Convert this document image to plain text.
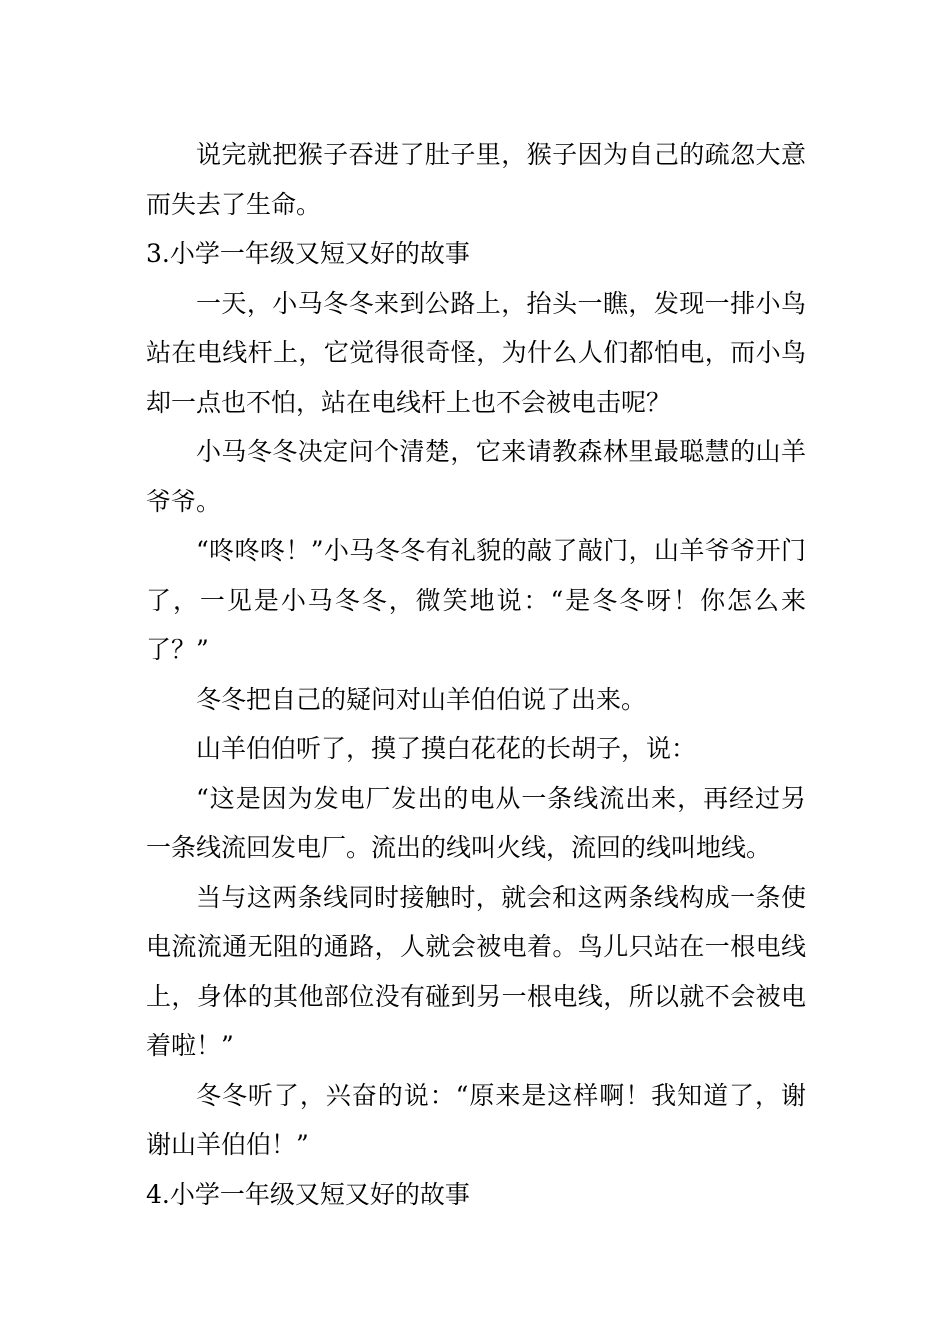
说完就把猴子吞进了肚子里，猴子因为自己的疏忽大意而失去了生命。

3.小学一年级又短又好的故事

一天，小马冬冬来到公路上，抬头一瞧，发现一排小鸟站在电线杆上，它觉得很奇怪，为什么人们都怕电，而小鸟却一点也不怕，站在电线杆上也不会被电击呢？

小马冬冬决定问个清楚，它来请教森林里最聪慧的山羊爷爷。

“咚咚咚！”小马冬冬有礼貌的敲了敲门，山羊爷爷开门了，一见是小马冬冬，微笑地说：“是冬冬呀！你怎么来了？”

冬冬把自己的疑问对山羊伯伯说了出来。

山羊伯伯听了，摸了摸白花花的长胡子，说：

“这是因为发电厂发出的电从一条线流出来，再经过另一条线流回发电厂。流出的线叫火线，流回的线叫地线。

当与这两条线同时接触时，就会和这两条线构成一条使电流流通无阻的通路，人就会被电着。鸟儿只站在一根电线上，身体的其他部位没有碰到另一根电线，所以就不会被电着啦！”

冬冬听了，兴奋的说：“原来是这样啊！我知道了，谢谢山羊伯伯！”

4.小学一年级又短又好的故事
